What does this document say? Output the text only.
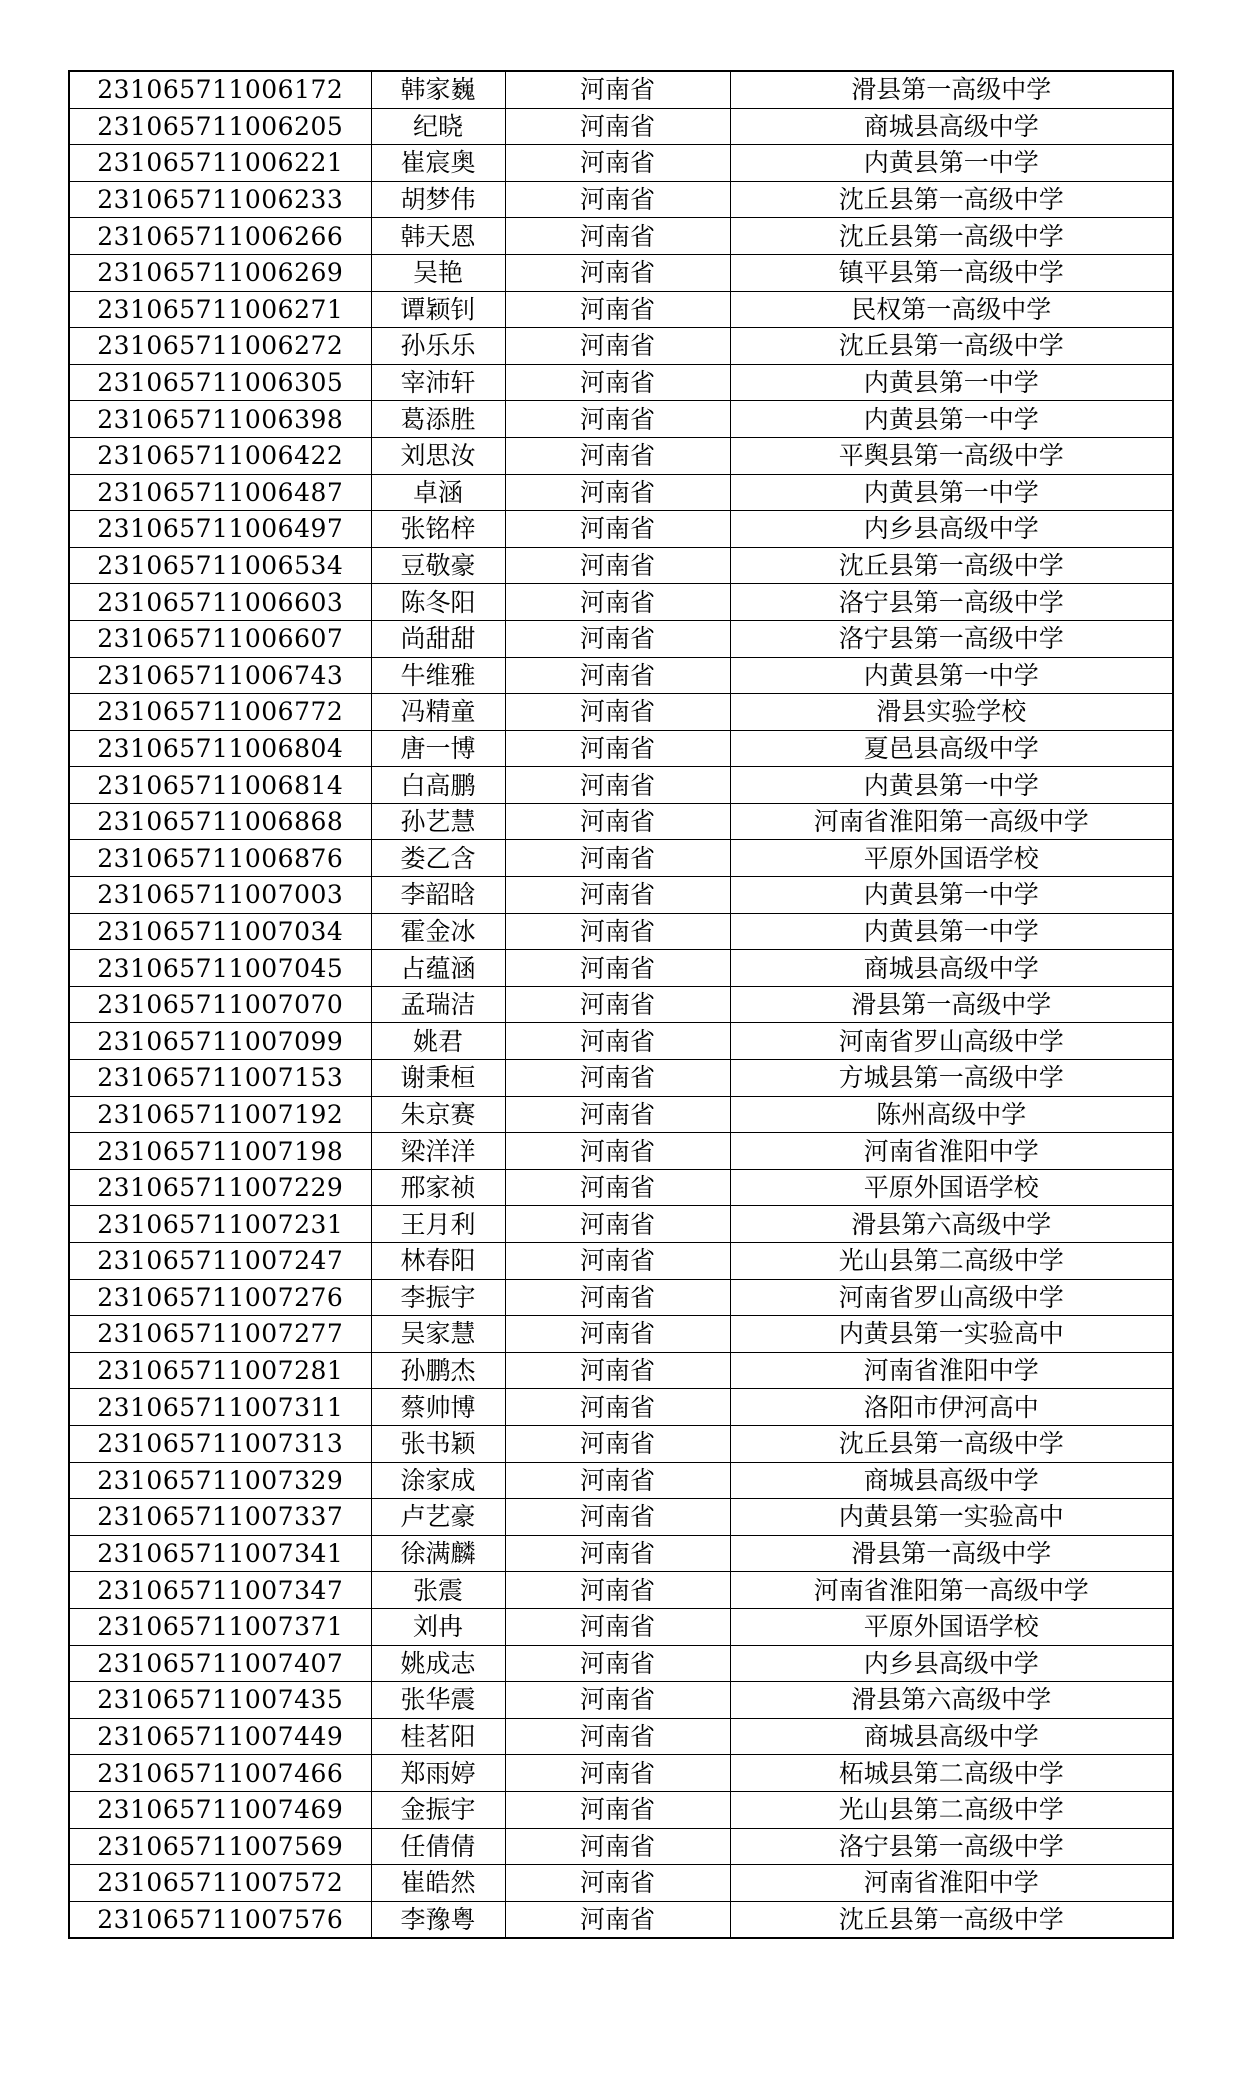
231065711006172	韩家巍	河南省	滑县第一高级中学
231065711006205	纪晓	河南省	商城县高级中学
231065711006221	崔宸奥	河南省	内黄县第一中学
231065711006233	胡梦伟	河南省	沈丘县第一高级中学
231065711006266	韩天恩	河南省	沈丘县第一高级中学
231065711006269	吴艳	河南省	镇平县第一高级中学
231065711006271	谭颖钊	河南省	民权第一高级中学
231065711006272	孙乐乐	河南省	沈丘县第一高级中学
231065711006305	宰沛轩	河南省	内黄县第一中学
231065711006398	葛添胜	河南省	内黄县第一中学
231065711006422	刘思汝	河南省	平舆县第一高级中学
231065711006487	卓涵	河南省	内黄县第一中学
231065711006497	张铭梓	河南省	内乡县高级中学
231065711006534	豆敬豪	河南省	沈丘县第一高级中学
231065711006603	陈冬阳	河南省	洛宁县第一高级中学
231065711006607	尚甜甜	河南省	洛宁县第一高级中学
231065711006743	牛维雅	河南省	内黄县第一中学
231065711006772	冯精童	河南省	滑县实验学校
231065711006804	唐一博	河南省	夏邑县高级中学
231065711006814	白高鹏	河南省	内黄县第一中学
231065711006868	孙艺慧	河南省	河南省淮阳第一高级中学
231065711006876	娄乙含	河南省	平原外国语学校
231065711007003	李韶晗	河南省	内黄县第一中学
231065711007034	霍金冰	河南省	内黄县第一中学
231065711007045	占蕴涵	河南省	商城县高级中学
231065711007070	孟瑞洁	河南省	滑县第一高级中学
231065711007099	姚君	河南省	河南省罗山高级中学
231065711007153	谢秉桓	河南省	方城县第一高级中学
231065711007192	朱京赛	河南省	陈州高级中学
231065711007198	梁洋洋	河南省	河南省淮阳中学
231065711007229	邢家祯	河南省	平原外国语学校
231065711007231	王月利	河南省	滑县第六高级中学
231065711007247	林春阳	河南省	光山县第二高级中学
231065711007276	李振宇	河南省	河南省罗山高级中学
231065711007277	吴家慧	河南省	内黄县第一实验高中
231065711007281	孙鹏杰	河南省	河南省淮阳中学
231065711007311	蔡帅博	河南省	洛阳市伊河高中
231065711007313	张书颖	河南省	沈丘县第一高级中学
231065711007329	涂家成	河南省	商城县高级中学
231065711007337	卢艺豪	河南省	内黄县第一实验高中
231065711007341	徐满麟	河南省	滑县第一高级中学
231065711007347	张震	河南省	河南省淮阳第一高级中学
231065711007371	刘冉	河南省	平原外国语学校
231065711007407	姚成志	河南省	内乡县高级中学
231065711007435	张华震	河南省	滑县第六高级中学
231065711007449	桂茗阳	河南省	商城县高级中学
231065711007466	郑雨婷	河南省	柘城县第二高级中学
231065711007469	金振宇	河南省	光山县第二高级中学
231065711007569	任倩倩	河南省	洛宁县第一高级中学
231065711007572	崔皓然	河南省	河南省淮阳中学
231065711007576	李豫粤	河南省	沈丘县第一高级中学
